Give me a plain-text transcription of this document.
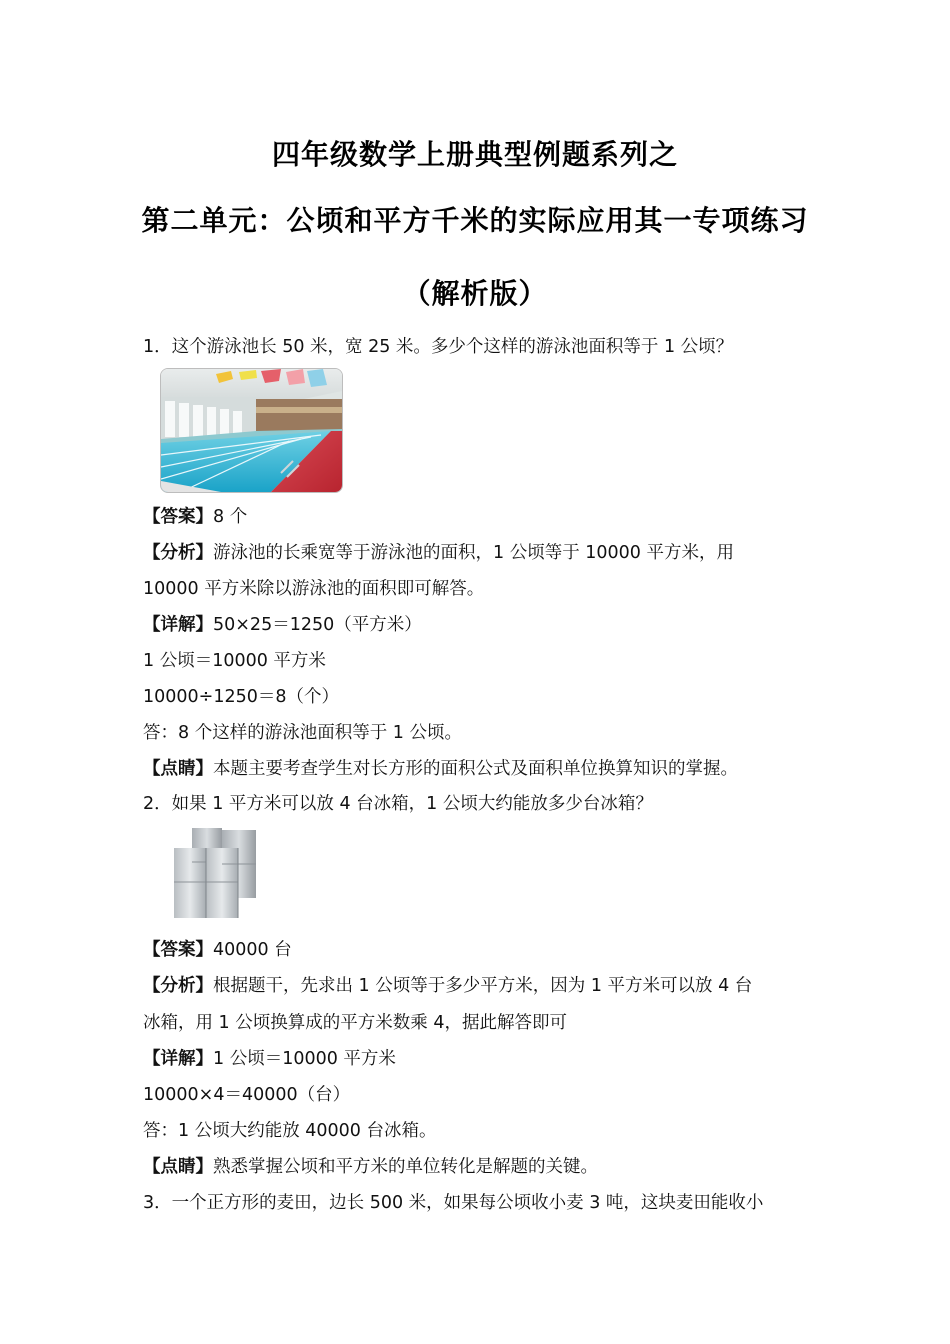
四年级数学上册典型例题系列之
第二单元：公顷和平方千米的实际应用其一专项练习
（解析版）
1．这个游泳池长 50 米，宽 25 米。多少个这样的游泳池面积等于 1 公顷？
【答案】8 个
【分析】游泳池的长乘宽等于游泳池的面积，1 公顷等于 10000 平方米，用
10000 平方米除以游泳池的面积即可解答。
【详解】50×25＝1250（平方米）
1 公顷＝10000 平方米
10000÷1250＝8（个）
答：8 个这样的游泳池面积等于 1 公顷。
【点睛】本题主要考查学生对长方形的面积公式及面积单位换算知识的掌握。
2．如果 1 平方米可以放 4 台冰箱，1 公顷大约能放多少台冰箱？
【答案】40000 台
【分析】根据题干，先求出 1 公顷等于多少平方米，因为 1 平方米可以放 4 台
冰箱，用 1 公顷换算成的平方米数乘 4，据此解答即可
【详解】1 公顷＝10000 平方米
10000×4＝40000（台）
答：1 公顷大约能放 40000 台冰箱。
【点睛】熟悉掌握公顷和平方米的单位转化是解题的关键。
3．一个正方形的麦田，边长 500 米，如果每公顷收小麦 3 吨，这块麦田能收小
